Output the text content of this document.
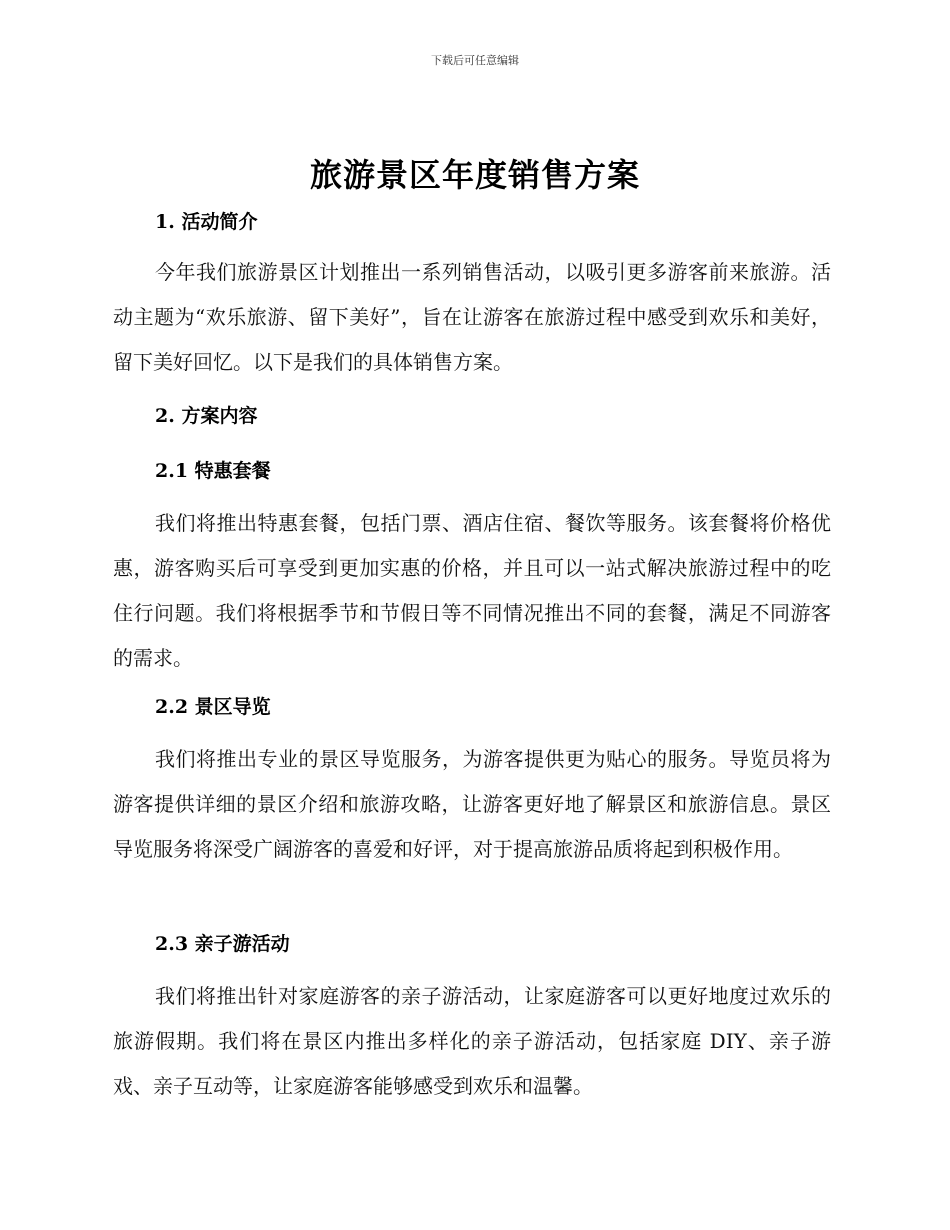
下载后可任意编辑
旅游景区年度销售方案
1. 活动简介
今年我们旅游景区计划推出一系列销售活动，以吸引更多游客前来旅游。活动主题为“欢乐旅游、留下美好”，旨在让游客在旅游过程中感受到欢乐和美好，留下美好回忆。以下是我们的具体销售方案。
2. 方案内容
2.1 特惠套餐
我们将推出特惠套餐，包括门票、酒店住宿、餐饮等服务。该套餐将价格优惠，游客购买后可享受到更加实惠的价格，并且可以一站式解决旅游过程中的吃住行问题。我们将根据季节和节假日等不同情况推出不同的套餐，满足不同游客的需求。
2.2 景区导览
我们将推出专业的景区导览服务，为游客提供更为贴心的服务。导览员将为游客提供详细的景区介绍和旅游攻略，让游客更好地了解景区和旅游信息。景区导览服务将深受广阔游客的喜爱和好评，对于提高旅游品质将起到积极作用。
2.3 亲子游活动
我们将推出针对家庭游客的亲子游活动，让家庭游客可以更好地度过欢乐的旅游假期。我们将在景区内推出多样化的亲子游活动，包括家庭 DIY、亲子游戏、亲子互动等，让家庭游客能够感受到欢乐和温馨。
